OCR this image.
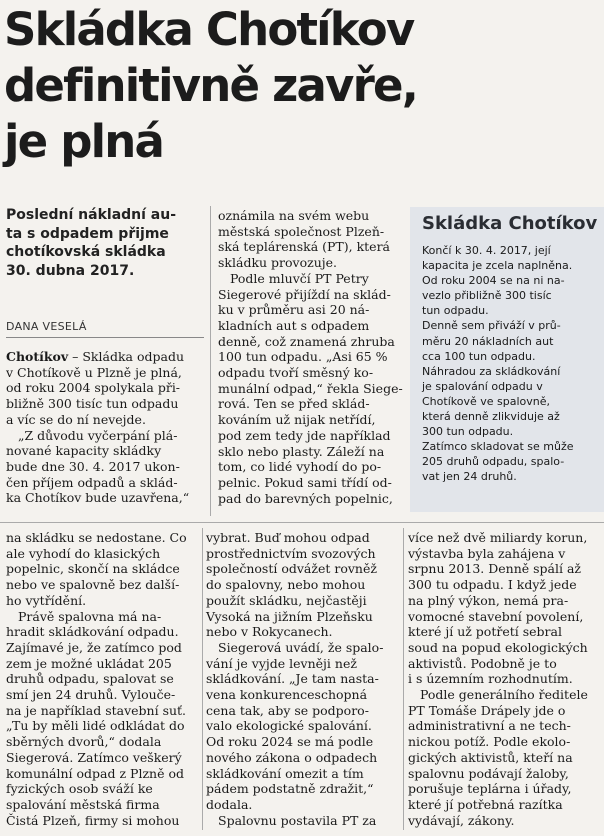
Skládka Chotíkov
definitivně zavře,
je plná
Poslední nákladní au-
ta s odpadem přijme
chotíkovská skládka
30. dubna 2017.
DANA VESELÁ
Chotíkov – Skládka odpadu
v Chotíkově u Plzně je plná,
od roku 2004 spolykala při-
bližně 300 tisíc tun odpadu
a víc se do ní nevejde.
„Z důvodu vyčerpání plá-
nované kapacity skládky
bude dne 30. 4. 2017 ukon-
čen příjem odpadů a sklád-
ka Chotíkov bude uzavřena,“
oznámila na svém webu
městská společnost Plzeň-
ská teplárenská (PT), která
skládku provozuje.
Podle mluvčí PT Petry
Siegerové přijíždí na sklád-
ku v průměru asi 20 ná-
kladních aut s odpadem
denně, což znamená zhruba
100 tun odpadu. „Asi 65 %
odpadu tvoří směsný ko-
munální odpad,“ řekla Siege-
rová. Ten se před sklád-
kováním už nijak netřídí,
pod zem tedy jde například
sklo nebo plasty. Záleží na
tom, co lidé vyhodí do po-
pelnic. Pokud sami třídí od-
pad do barevných popelnic,
Skládka Chotíkov
Končí k 30. 4. 2017, její
kapacita je zcela naplněna.
Od roku 2004 se na ni na-
vezlo přibližně 300 tisíc
tun odpadu.
Denně sem přiváží v prů-
měru 20 nákladních aut
cca 100 tun odpadu.
Náhradou za skládkování
je spalování odpadu v
Chotíkově ve spalovně,
která denně zlikviduje až
300 tun odpadu.
Zatímco skladovat se může
205 druhů odpadu, spalo-
vat jen 24 druhů.
na skládku se nedostane. Co
ale vyhodí do klasických
popelnic, skončí na skládce
nebo ve spalovně bez další-
ho vytřídění.
Právě spalovna má na-
hradit skládkování odpadu.
Zajímavé je, že zatímco pod
zem je možné ukládat 205
druhů odpadu, spalovat se
smí jen 24 druhů. Vylouče-
na je například stavební suť.
„Tu by měli lidé odkládat do
sběrných dvorů,“ dodala
Siegerová. Zatímco veškerý
komunální odpad z Plzně od
fyzických osob sváží ke
spalování městská firma
Čistá Plzeň, firmy si mohou
vybrat. Buď mohou odpad
prostřednictvím svozových
společností odvážet rovněž
do spalovny, nebo mohou
použít skládku, nejčastěji
Vysoká na jižním Plzeňsku
nebo v Rokycanech.
Siegerová uvádí, že spalo-
vání je vyjde levněji než
skládkování. „Je tam nasta-
vena konkurenceschopná
cena tak, aby se podporo-
valo ekologické spalování.
Od roku 2024 se má podle
nového zákona o odpadech
skládkování omezit a tím
pádem podstatně zdražit,“
dodala.
Spalovnu postavila PT za
více než dvě miliardy korun,
výstavba byla zahájena v
srpnu 2013. Denně spálí až
300 tu odpadu. I když jede
na plný výkon, nemá pra-
vomocné stavební povolení,
které jí už potřetí sebral
soud na popud ekologických
aktivistů. Podobně je to
i s územním rozhodnutím.
Podle generálního ředitele
PT Tomáše Drápely jde o
administrativní a ne tech-
nickou potíž. Podle ekolo-
gických aktivistů, kteří na
spalovnu podávají žaloby,
porušuje teplárna i úřady,
které jí potřebná razítka
vydávají, zákony.
